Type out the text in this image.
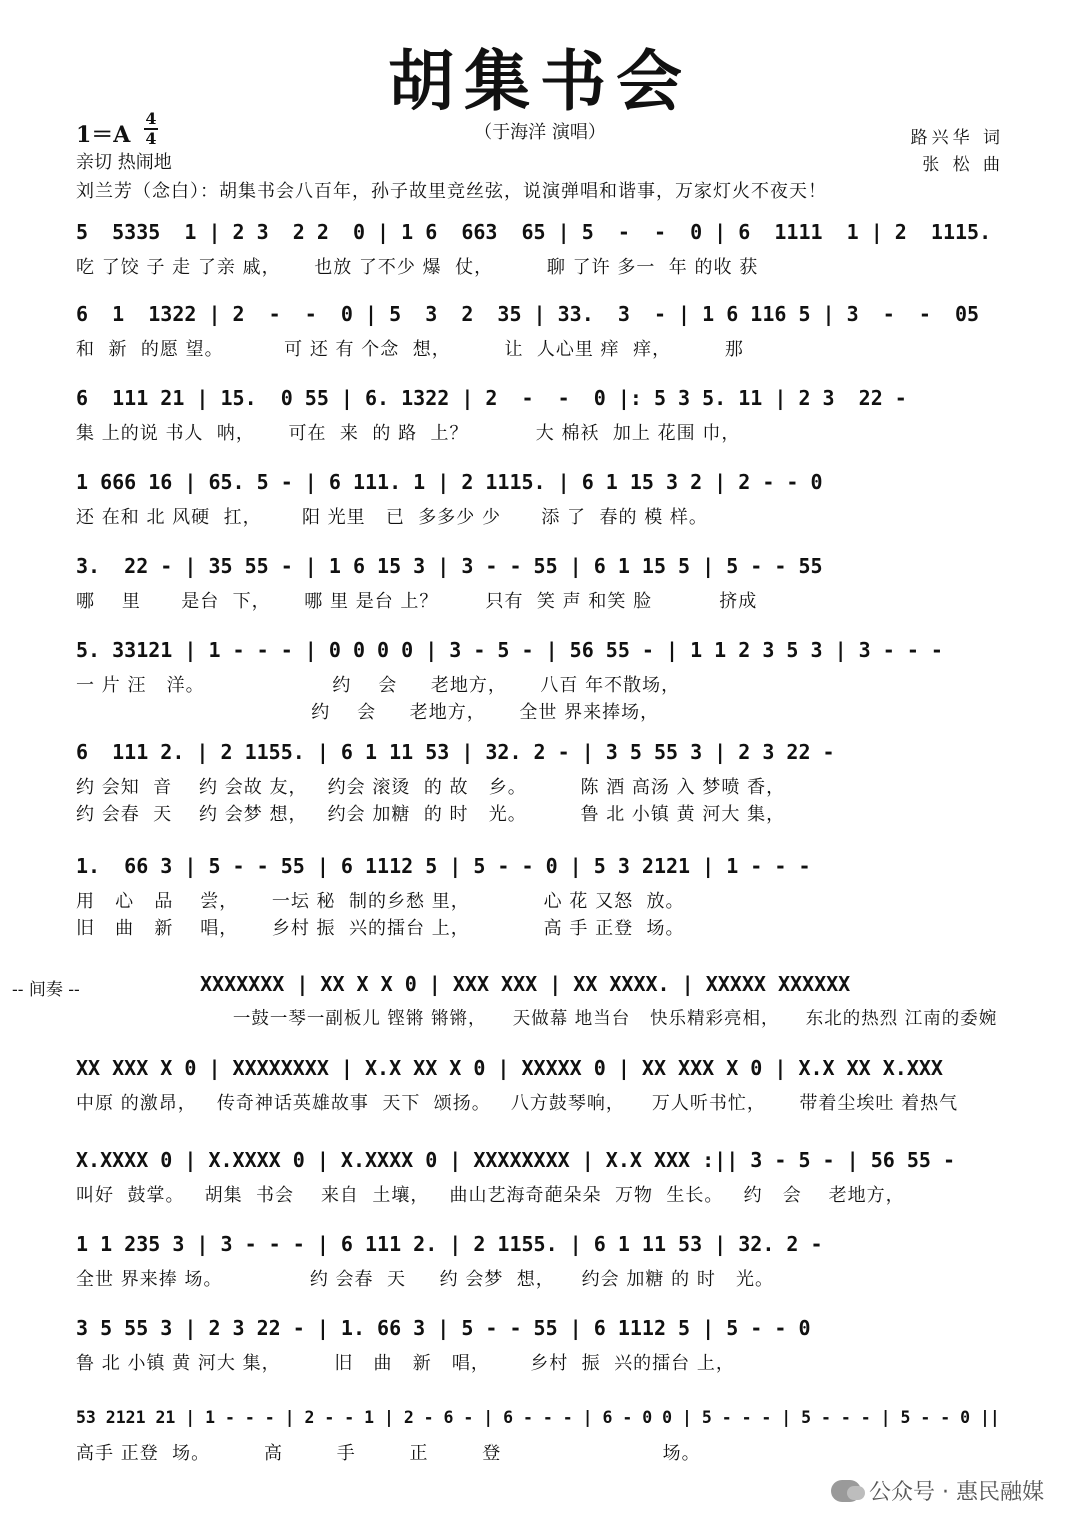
胡集书会
（于海洋 演唱）
1＝A
4
4
亲切 热闹地
路兴华 词
张 松 曲
刘兰芳（念白）：胡集书会八百年，孙子故里竞丝弦，说演弹唱和谐事，万家灯火不夜天！
-- 间奏 --
5  5335  1 | 2 3  2 2  0 | 1 6  663  65 | 5  -  -  0 | 6  1111  1 | 2  1115.
吃 了饺 子 走 了亲 戚，     也放 了不少 爆  仗，        聊 了许 多一  年 的收 获
6  1  1322 | 2  -  -  0 | 5  3  2  35 | 33.  3  - | 1 6 116 5 | 3  -  -  05
和  新  的愿 望。         可 还 有 个念  想，        让  人心里 痒  痒，        那
6  111 21 | 15.  0 55 | 6. 1322 | 2  -  -  0 |: 5 3 5. 11 | 2 3  22 -
集 上的说 书人  呐，     可在  来  的 路  上？          大 棉袄  加上 花围 巾，
1 666 16 | 65. 5 - | 6 111. 1 | 2 1115. | 6 1 15 3 2 | 2 - - 0
还 在和 北 风硬  扛，      阳 光里   已  多多少 少      添 了  春的 模 样。
3.  22 - | 35 55 - | 1 6 15 3 | 3 - - 55 | 6 1 15 5 | 5 - - 55
哪    里      是台  下，     哪 里 是台 上？       只有  笑 声 和笑 脸          挤成
5. 33121 | 1 - - - | 0 0 0 0 | 3 - 5 - | 56 55 - | 1 1 2 3 5 3 | 3 - - -
一 片 汪   洋。                   约    会     老地方，     八百 年不散场，
约    会     老地方，     全世 界来捧场，
6  111 2. | 2 1155. | 6 1 11 53 | 32. 2 - | 3 5 55 3 | 2 3 22 -
约 会知  音    约 会故 友，   约会 滚烫  的 故   乡。        陈 酒 高汤 入 梦喷 香，
约 会春  天    约 会梦 想，   约会 加糖  的 时   光。        鲁 北 小镇 黄 河大 集，
1.  66 3 | 5 - - 55 | 6 1112 5 | 5 - - 0 | 5 3 2121 | 1 - - -
用   心   品    尝，     一坛 秘  制的乡愁 里，           心 花 又怒  放。
旧   曲   新    唱，     乡村 振  兴的擂台 上，           高 手 正登  场。
XXXXXXX | XX X X 0 | XXX XXX | XX XXXX. | XXXXX XXXXXX
一鼓一琴一副板儿 铿锵 锵锵，    天做幕 地当台   快乐精彩亮相，    东北的热烈 江南的委婉
XX XXX X 0 | XXXXXXXX | X.X XX X 0 | XXXXX 0 | XX XXX X 0 | X.X XX X.XXX
中原 的激昂，   传奇神话英雄故事  天下  颂扬。   八方鼓琴响，    万人听书忙，     带着尘埃吐 着热气
X.XXXX 0 | X.XXXX 0 | X.XXXX 0 | XXXXXXXX | X.X XXX :|| 3 - 5 - | 56 55 -
叫好  鼓掌。   胡集  书会    来自  土壤，   曲山艺海奇葩朵朵  万物  生长。   约   会    老地方，
1 1 235 3 | 3 - - - | 6 111 2. | 2 1155. | 6 1 11 53 | 32. 2 -
全世 界来捧 场。             约 会春  天     约 会梦  想，    约会 加糖 的 时   光。
3 5 55 3 | 2 3 22 - | 1. 66 3 | 5 - - 55 | 6 1112 5 | 5 - - 0
鲁 北 小镇 黄 河大 集，        旧   曲   新   唱，      乡村  振  兴的擂台 上，
53 2121 21 | 1 - - - | 2 - - 1 | 2 - 6 - | 6 - - - | 6 - 0 0 | 5 - - - | 5 - - - | 5 - - 0 ||
高手 正登  场。        高        手        正        登                        场。
公众号 · 惠民融媒
